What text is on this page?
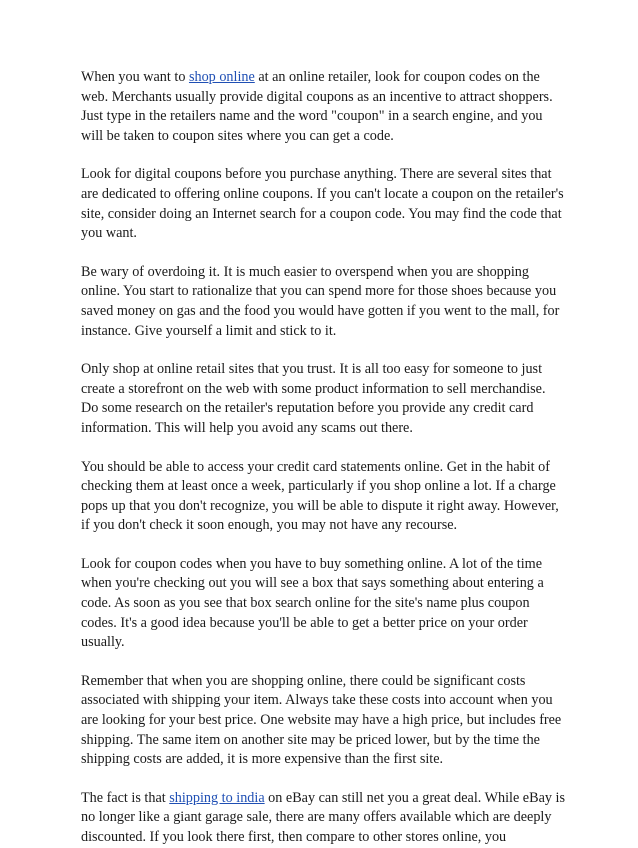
When you want to shop online at an online retailer, look for coupon codes on the web. Merchants usually provide digital coupons as an incentive to attract shoppers. Just type in the retailers name and the word "coupon" in a search engine, and you will be taken to coupon sites where you can get a code.

Look for digital coupons before you purchase anything. There are several sites that are dedicated to offering online coupons. If you can't locate a coupon on the retailer's site, consider doing an Internet search for a coupon code. You may find the code that you want.

Be wary of overdoing it. It is much easier to overspend when you are shopping online. You start to rationalize that you can spend more for those shoes because you saved money on gas and the food you would have gotten if you went to the mall, for instance. Give yourself a limit and stick to it.

Only shop at online retail sites that you trust. It is all too easy for someone to just create a storefront on the web with some product information to sell merchandise. Do some research on the retailer's reputation before you provide any credit card information. This will help you avoid any scams out there.

You should be able to access your credit card statements online. Get in the habit of checking them at least once a week, particularly if you shop online a lot. If a charge pops up that you don't recognize, you will be able to dispute it right away. However, if you don't check it soon enough, you may not have any recourse.

Look for coupon codes when you have to buy something online. A lot of the time when you're checking out you will see a box that says something about entering a code. As soon as you see that box search online for the site's name plus coupon codes. It's a good idea because you'll be able to get a better price on your order usually.

Remember that when you are shopping online, there could be significant costs associated with shipping your item. Always take these costs into account when you are looking for your best price. One website may have a high price, but includes free shipping. The same item on another site may be priced lower, but by the time the shipping costs are added, it is more expensive than the first site.

The fact is that shipping to india on eBay can still net you a great deal. While eBay is no longer like a giant garage sale, there are many offers available which are deeply discounted. If you look there first, then compare to other stores online, you
